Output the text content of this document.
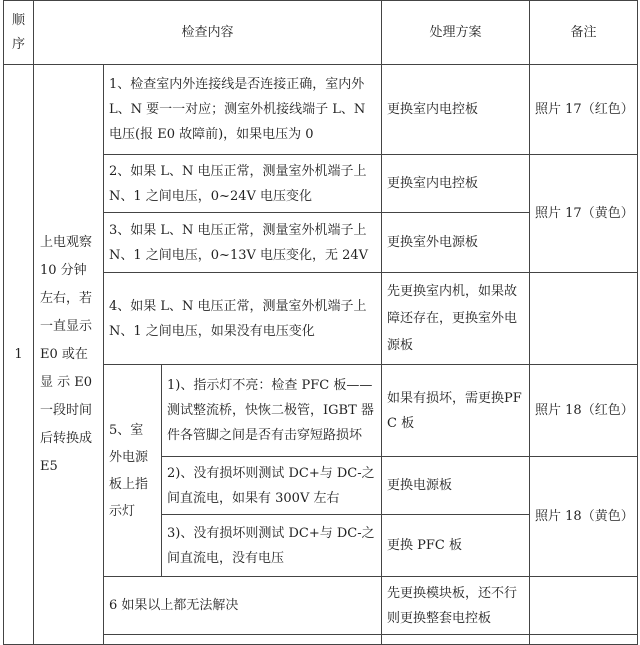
顺序	检查内容			处理方案	备注
1	上电观察10 分钟左右，若一直显示E0 或在显 示 E0一段时间后转换成E5	1、检查室内外连接线是否连接正确，室内外L、N 要一一对应；测室外机接线端子 L、N 电压(报 E0 故障前)，如果电压为 0		更换室内电控板	照片 17（红色）
		2、如果 L、N 电压正常，测量室外机端子上 N、1 之间电压，0~24V 电压变化		更换室内电控板	照片 17（黄色）
		3、如果 L、N 电压正常，测量室外机端子上 N、1 之间电压，0~13V 电压变化，无 24V		更换室外电源板	
		4、如果 L、N 电压正常，测量室外机端子上 N、1 之间电压，如果没有电压变化		先更换室内机，如果故障还存在，更换室外电源板	
		5、室外电源板上指示灯	1)、指示灯不亮：检查 PFC 板——测试整流桥，快恢二极管，IGBT 器件各管脚之间是否有击穿短路损坏	如果有损坏，需更换PFC 板	照片 18（红色）
			2)、没有损坏则测试 DC+与 DC-之间直流电，如果有 300V 左右	更换电源板	照片 18（黄色）
			3)、没有损坏则测试 DC+与 DC-之间直流电，没有电压	更换 PFC 板	
		6 如果以上都无法解决		先更换模块板，还不行则更换整套电控板	
